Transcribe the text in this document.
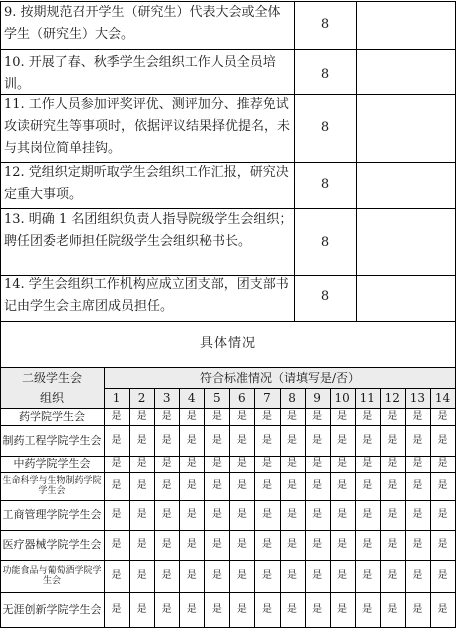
9. 按期规范召开学生（研究生）代表大会或全体学生（研究生）大会。
8
10. 开展了春、秋季学生会组织工作人员全员培训。
8
11. 工作人员参加评奖评优、测评加分、推荐免试攻读研究生等事项时，依据评议结果择优提名，未与其岗位简单挂钩。
8
12. 党组织定期听取学生会组织工作汇报，研究决定重大事项。
8
13. 明确 1 名团组织负责人指导院级学生会组织；聘任团委老师担任院级学生会组织秘书长。	8
14. 学生会组织工作机构应成立团支部，团支部书记由学生会主席团成员担任。
8
具体情况
二级学生会
组织
符合标准情况（请填写是/否）
1	2	3	4	5	6	7	8	9	10 11 12 13 14
药学院学生会	是	是	是	是	是	是	是	是	是	是	是	是	是	是
制药工程学院学生会	是	是	是	是	是	是	是	是	是	是	是	是	是	是
中药学院学生会	是	是	是	是	是	是	是	是	是	是	是	是	是	是
生命科学与生物制药学院学生会	是	是	是	是	是	是	是	是	是	是	是	是	是	是
工商管理学院学生会	是	是	是	是	是	是	是	是	是	是	是	是	是	是
医疗器械学院学生会	是	是	是	是	是	是	是	是	是	是	是	是	是	是
功能食品与葡萄酒学院学生会	是	是	是	是	是	是	是	是	是	是	是	是	是	是
无涯创新学院学生会	是	是	是	是	是	是	是	是	是	是	是	是	是	是
